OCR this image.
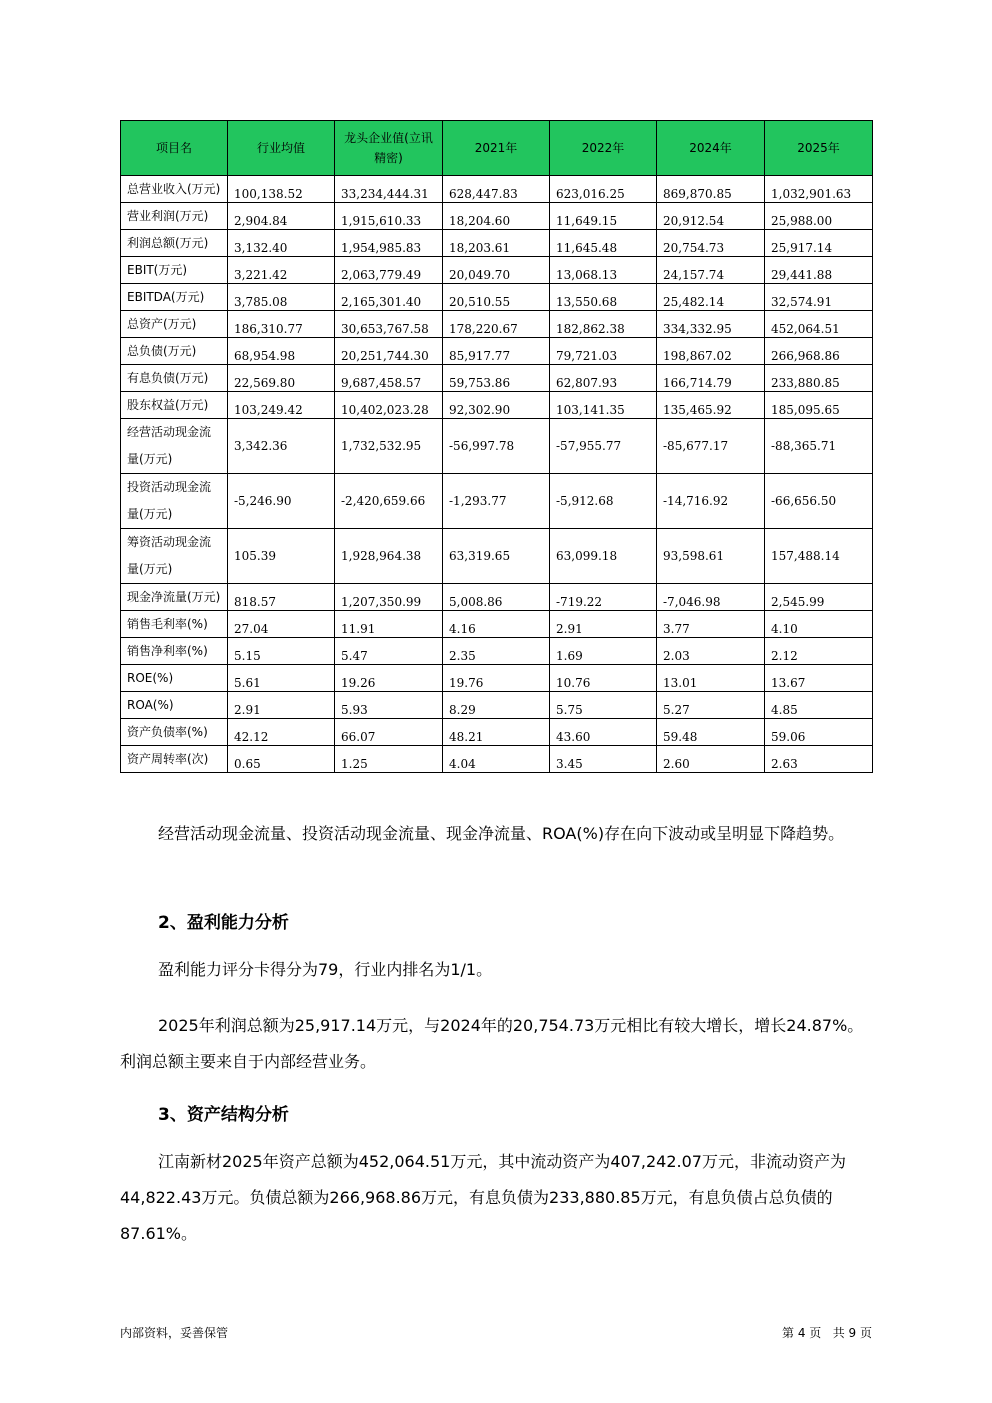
项目名	行业均值	龙头企业值(立讯精密)	2021年	2022年	2024年	2025年
总营业收入(万元)	100,138.52	33,234,444.31	628,447.83	623,016.25	869,870.85	1,032,901.63
营业利润(万元)	2,904.84	1,915,610.33	18,204.60	11,649.15	20,912.54	25,988.00
利润总额(万元)	3,132.40	1,954,985.83	18,203.61	11,645.48	20,754.73	25,917.14
EBIT(万元)	3,221.42	2,063,779.49	20,049.70	13,068.13	24,157.74	29,441.88
EBITDA(万元)	3,785.08	2,165,301.40	20,510.55	13,550.68	25,482.14	32,574.91
总资产(万元)	186,310.77	30,653,767.58	178,220.67	182,862.38	334,332.95	452,064.51
总负债(万元)	68,954.98	20,251,744.30	85,917.77	79,721.03	198,867.02	266,968.86
有息负债(万元)	22,569.80	9,687,458.57	59,753.86	62,807.93	166,714.79	233,880.85
股东权益(万元)	103,249.42	10,402,023.28	92,302.90	103,141.35	135,465.92	185,095.65
经营活动现金流量(万元)	3,342.36	1,732,532.95	-56,997.78	-57,955.77	-85,677.17	-88,365.71
投资活动现金流量(万元)	-5,246.90	-2,420,659.66	-1,293.77	-5,912.68	-14,716.92	-66,656.50
筹资活动现金流量(万元)	105.39	1,928,964.38	63,319.65	63,099.18	93,598.61	157,488.14
现金净流量(万元)	818.57	1,207,350.99	5,008.86	-719.22	-7,046.98	2,545.99
销售毛利率(%)	27.04	11.91	4.16	2.91	3.77	4.10
销售净利率(%)	5.15	5.47	2.35	1.69	2.03	2.12
ROE(%)	5.61	19.26	19.76	10.76	13.01	13.67
ROA(%)	2.91	5.93	8.29	5.75	5.27	4.85
资产负债率(%)	42.12	66.07	48.21	43.60	59.48	59.06
资产周转率(次)	0.65	1.25	4.04	3.45	2.60	2.63
经营活动现金流量、投资活动现金流量、现金净流量、ROA(%)存在向下波动或呈明显下降趋势。
2、盈利能力分析
盈利能力评分卡得分为79，行业内排名为1/1。
2025年利润总额为25,917.14万元，与2024年的20,754.73万元相比有较大增长，增长24.87%。利润总额主要来自于内部经营业务。
3、资产结构分析
江南新材2025年资产总额为452,064.51万元，其中流动资产为407,242.07万元，非流动资产为44,822.43万元。负债总额为266,968.86万元，有息负债为233,880.85万元，有息负债占总负债的87.61%。
内部资料，妥善保管	第 4 页   共 9 页
